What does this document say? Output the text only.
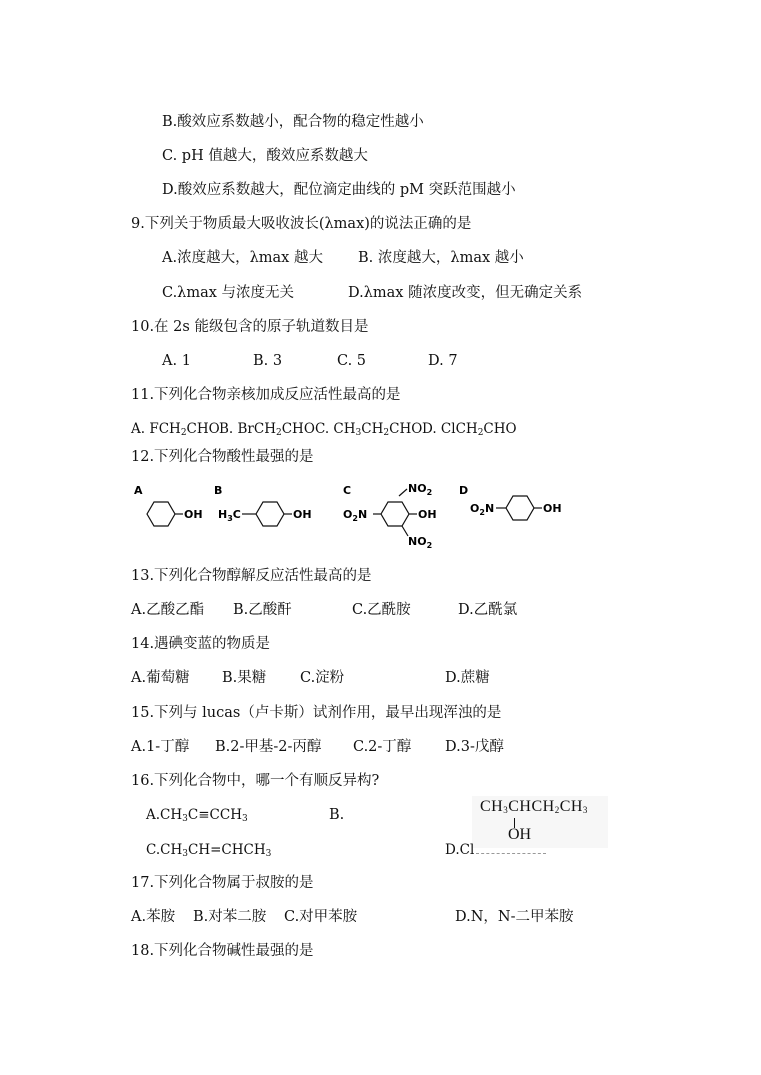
B.酸效应系数越小，配合物的稳定性越小
C. pH 值越大，酸效应系数越大
D.酸效应系数越大，配位滴定曲线的 pM 突跃范围越小
9.下列关于物质最大吸收波长(λmax)的说法正确的是
A.浓度越大，λmax 越大 B. 浓度越大，λmax 越小
C.λmax 与浓度无关	D.λmax 随浓度改变，但无确定关系
10.在 2s 能级包含的原子轨道数目是
A. 1	B. 3	C. 5	D. 7
11.下列化合物亲核加成反应活性最高的是
A. $FCH_2CHO$ B. BrCH$_2$CHO C. $CH_3CH_2CHO$ D. ClCH$_2$CHO
12.下列化合物酸性最强的是
A
OH
B
$H_3C$	OH
C	$NO_2$
OH
$NO_2$
$O_2N$
D
$O_2N$	OH
13.下列化合物醇解反应活性最高的是
A.乙酸乙酯 B.乙酸酐	C.乙酰胺	D.乙酰氯
14.遇碘变蓝的物质是
A.葡萄糖 B.果糖 C.淀粉	D.蔗糖
15.下列与 lucas（卢卡斯）试剂作用，最早出现浑浊的是
A.1-丁醇 B.2-甲基-2-丙醇 C.2-丁醇 D.3-戊醇
16.下列化合物中，哪一个有顺反异构?
$A.CH_3C\equiv CCH_3$	B.	$CH_3CHCH_2CH_3$
OH
$C.CH_3CH=CHCH_3$	D.Cl
17.下列化合物属于叔胺的是
A.苯胺 B.对苯二胺 C.对甲苯胺	D.N，N-二甲苯胺
18.下列化合物碱性最强的是
